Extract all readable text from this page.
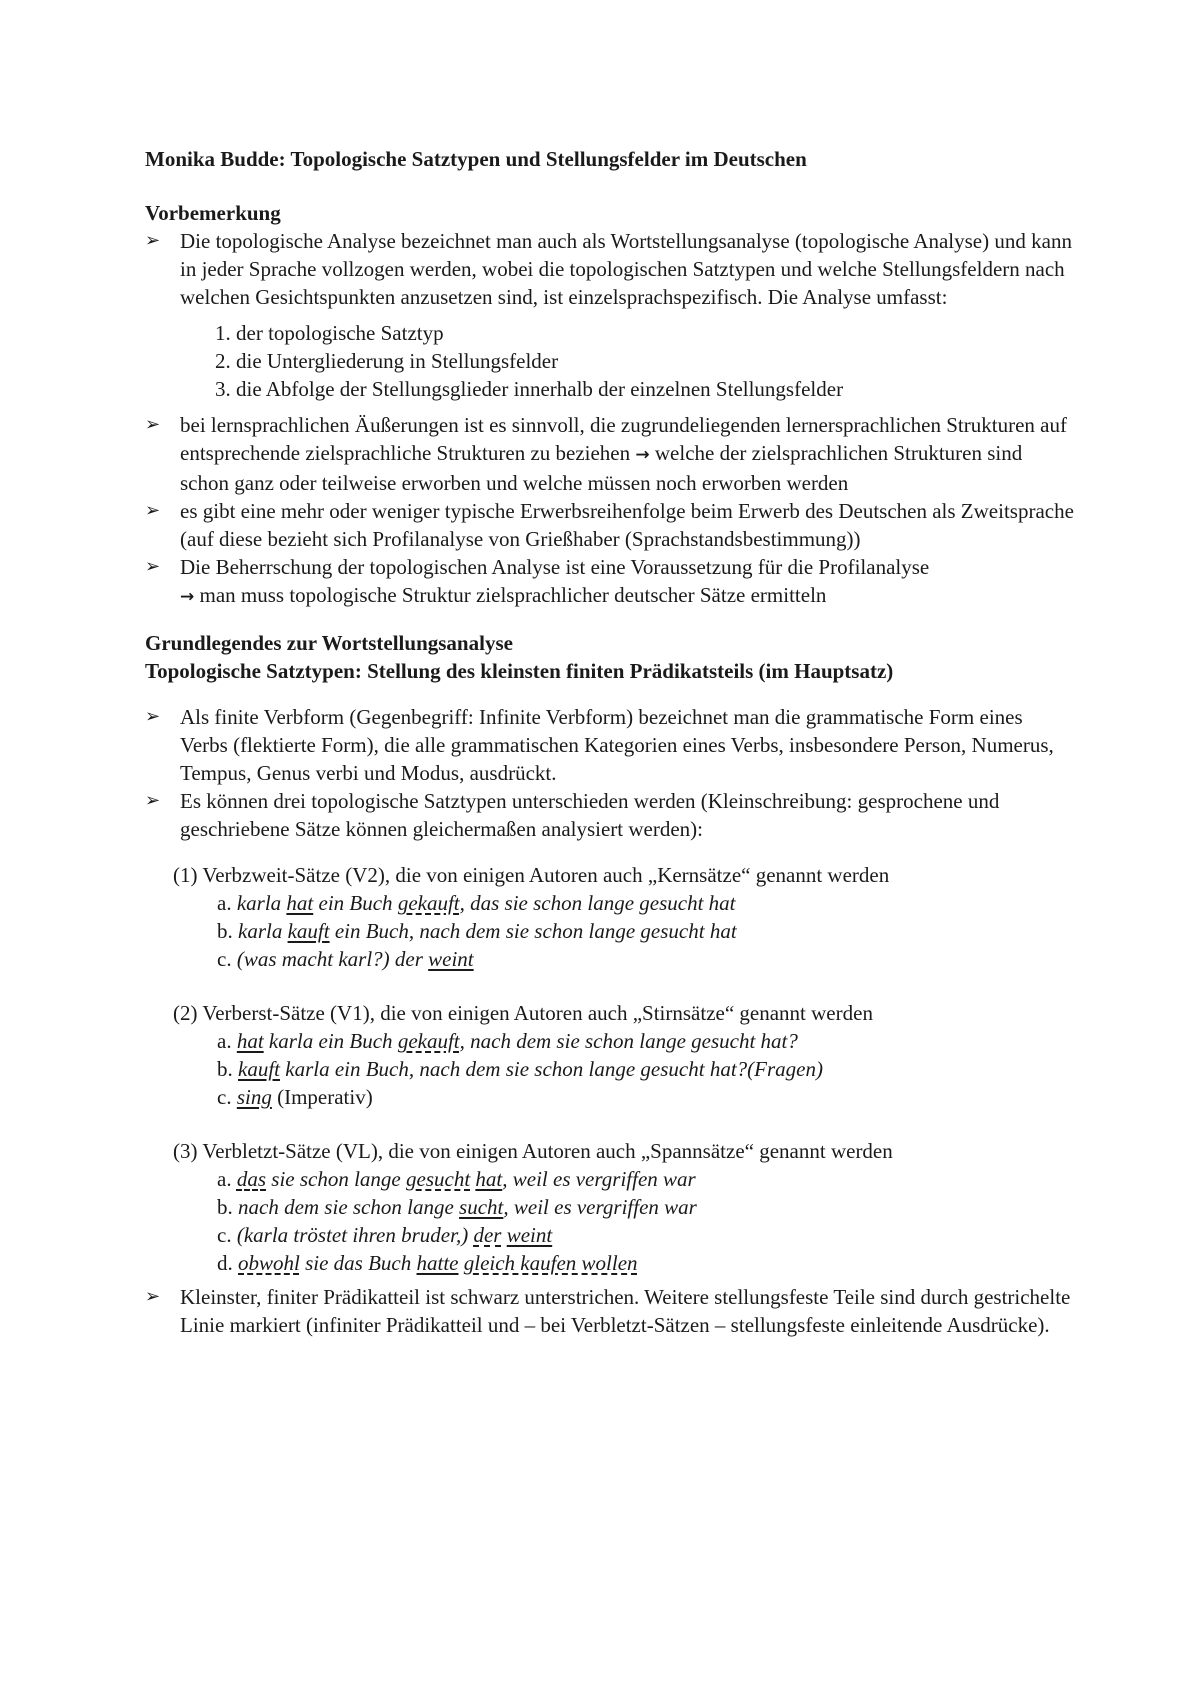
Monika Budde: Topologische Satztypen und Stellungsfelder im Deutschen

Vorbemerkung

➢ Die topologische Analyse bezeichnet man auch als Wortstellungsanalyse (topologische Analyse) und kann in jeder Sprache vollzogen werden, wobei die topologischen Satztypen und welche Stellungsfeldern nach welchen Gesichtspunkten anzusetzen sind, ist einzelsprachspezifisch. Die Analyse umfasst:
1. der topologische Satztyp
2. die Untergliederung in Stellungsfelder
3. die Abfolge der Stellungsglieder innerhalb der einzelnen Stellungsfelder
➢ bei lernsprachlichen Äußerungen ist es sinnvoll, die zugrundeliegenden lernersprachlichen Strukturen auf entsprechende zielsprachliche Strukturen zu beziehen → welche der zielsprachlichen Strukturen sind schon ganz oder teilweise erworben und welche müssen noch erworben werden
➢ es gibt eine mehr oder weniger typische Erwerbsreihenfolge beim Erwerb des Deutschen als Zweitsprache (auf diese bezieht sich Profilanalyse von Grießhaber (Sprachstandsbestimmung))
➢ Die Beherrschung der topologischen Analyse ist eine Voraussetzung für die Profilanalyse
→ man muss topologische Struktur zielsprachlicher deutscher Sätze ermitteln

Grundlegendes zur Wortstellungsanalyse

Topologische Satztypen: Stellung des kleinsten finiten Prädikatsteils (im Hauptsatz)

➢ Als finite Verbform (Gegenbegriff: Infinite Verbform) bezeichnet man die grammatische Form eines Verbs (flektierte Form), die alle grammatischen Kategorien eines Verbs, insbesondere Person, Numerus, Tempus, Genus verbi und Modus, ausdrückt.
➢ Es können drei topologische Satztypen unterschieden werden (Kleinschreibung: gesprochene und geschriebene Sätze können gleichermaßen analysiert werden):

(1) Verbzweit-Sätze (V2), die von einigen Autoren auch „Kernsätze“ genannt werden

a. karla hat ein Buch gekauft, das sie schon lange gesucht hat
b. karla kauft ein Buch, nach dem sie schon lange gesucht hat
c. (was macht karl?) der weint

(2) Verberst-Sätze (V1), die von einigen Autoren auch „Stirnsätze“ genannt werden

a. hat karla ein Buch gekauft, nach dem sie schon lange gesucht hat?
b. kauft karla ein Buch, nach dem sie schon lange gesucht hat?(Fragen)
c. sing (Imperativ)

(3) Verbletzt-Sätze (VL), die von einigen Autoren auch „Spannsätze“ genannt werden

a. das sie schon lange gesucht hat, weil es vergriffen war
b. nach dem sie schon lange sucht, weil es vergriffen war
c. (karla tröstet ihren bruder,) der weint
d. obwohl sie das Buch hatte gleich kaufen wollen
➢ Kleinster, finiter Prädikatteil ist schwarz unterstrichen. Weitere stellungsfeste Teile sind durch gestrichelte Linie markiert (infiniter Prädikatteil und – bei Verbletzt-Sätzen – stellungsfeste einleitende Ausdrücke).
